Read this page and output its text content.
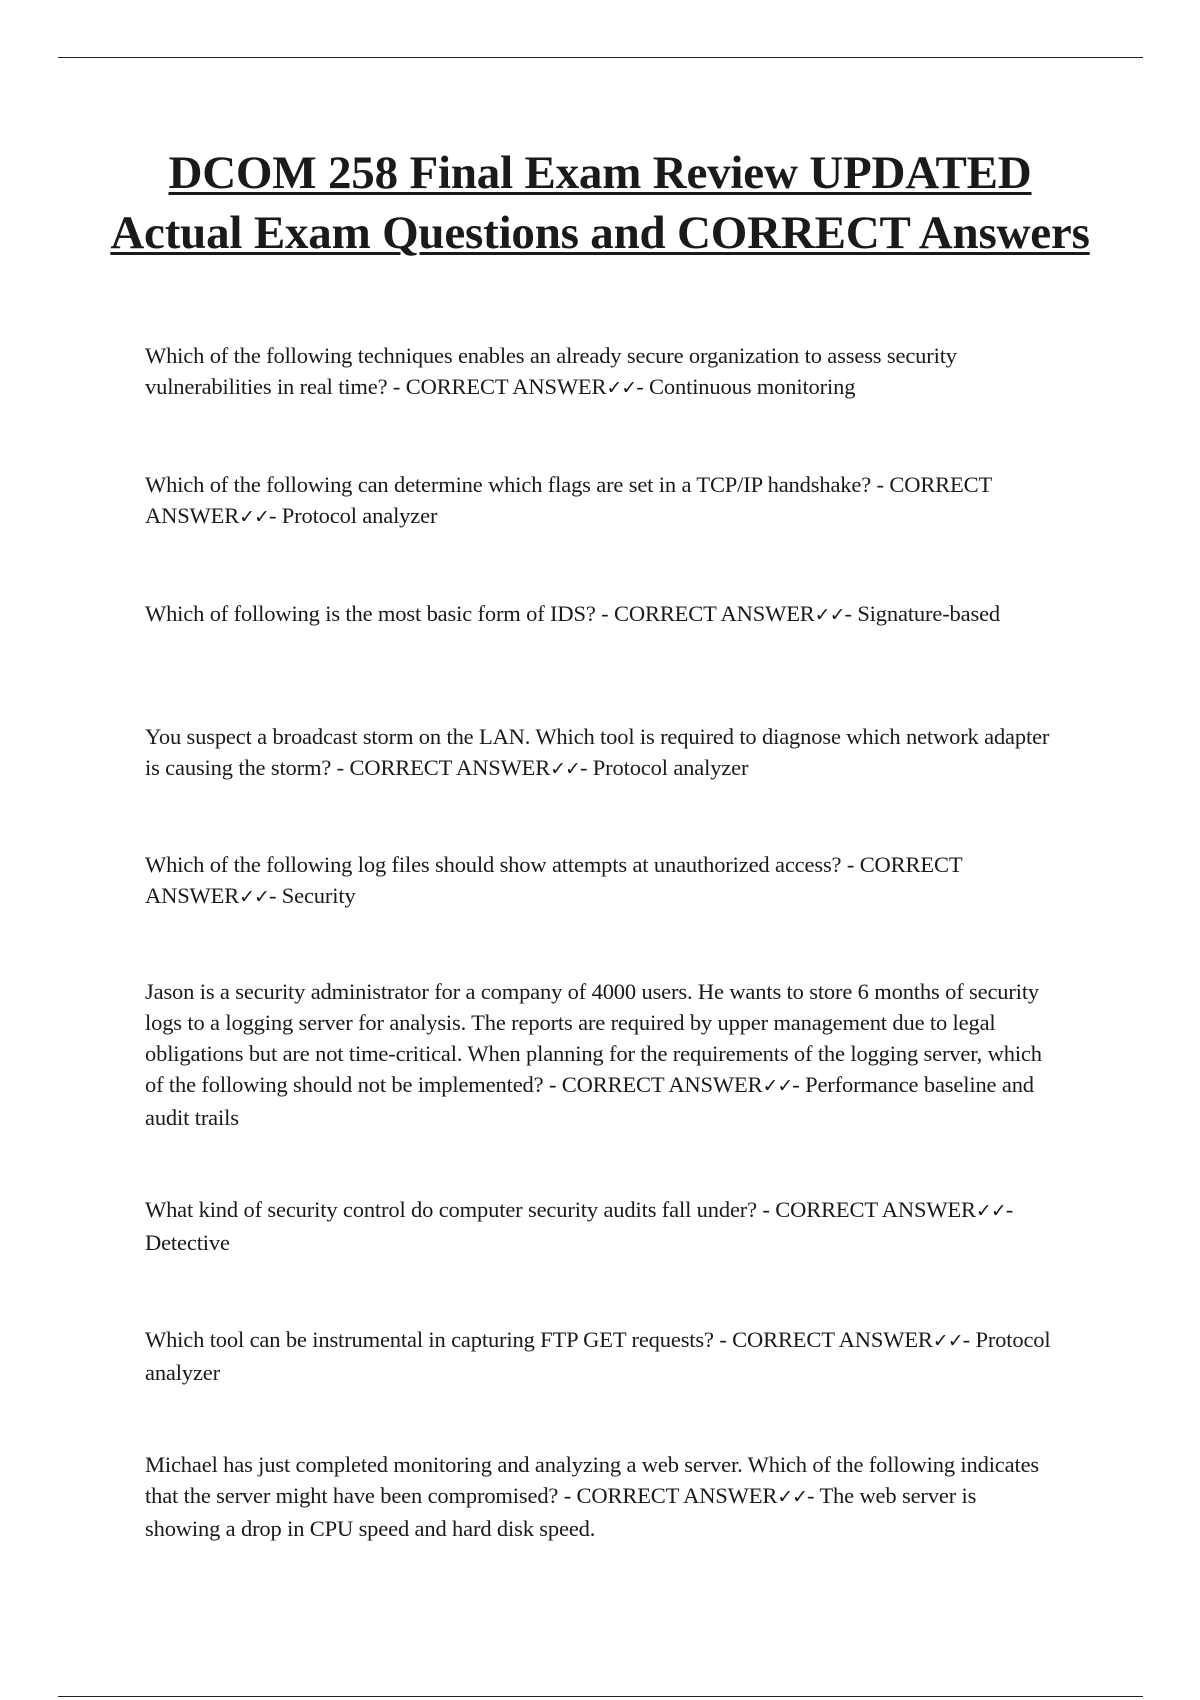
DCOM 258 Final Exam Review UPDATED Actual Exam Questions and CORRECT Answers

Which of the following techniques enables an already secure organization to assess security vulnerabilities in real time? - CORRECT ANSWER✓✓- Continuous monitoring

Which of the following can determine which flags are set in a TCP/IP handshake? - CORRECT ANSWER✓✓- Protocol analyzer

Which of following is the most basic form of IDS? - CORRECT ANSWER✓✓- Signature-based

You suspect a broadcast storm on the LAN. Which tool is required to diagnose which network adapter is causing the storm? - CORRECT ANSWER✓✓- Protocol analyzer

Which of the following log files should show attempts at unauthorized access? - CORRECT ANSWER✓✓- Security

Jason is a security administrator for a company of 4000 users. He wants to store 6 months of security logs to a logging server for analysis. The reports are required by upper management due to legal obligations but are not time-critical. When planning for the requirements of the logging server, which of the following should not be implemented? - CORRECT ANSWER✓✓- Performance baseline and audit trails

What kind of security control do computer security audits fall under? - CORRECT ANSWER✓✓- Detective

Which tool can be instrumental in capturing FTP GET requests? - CORRECT ANSWER✓✓- Protocol analyzer

Michael has just completed monitoring and analyzing a web server. Which of the following indicates that the server might have been compromised? - CORRECT ANSWER✓✓- The web server is showing a drop in CPU speed and hard disk speed.
